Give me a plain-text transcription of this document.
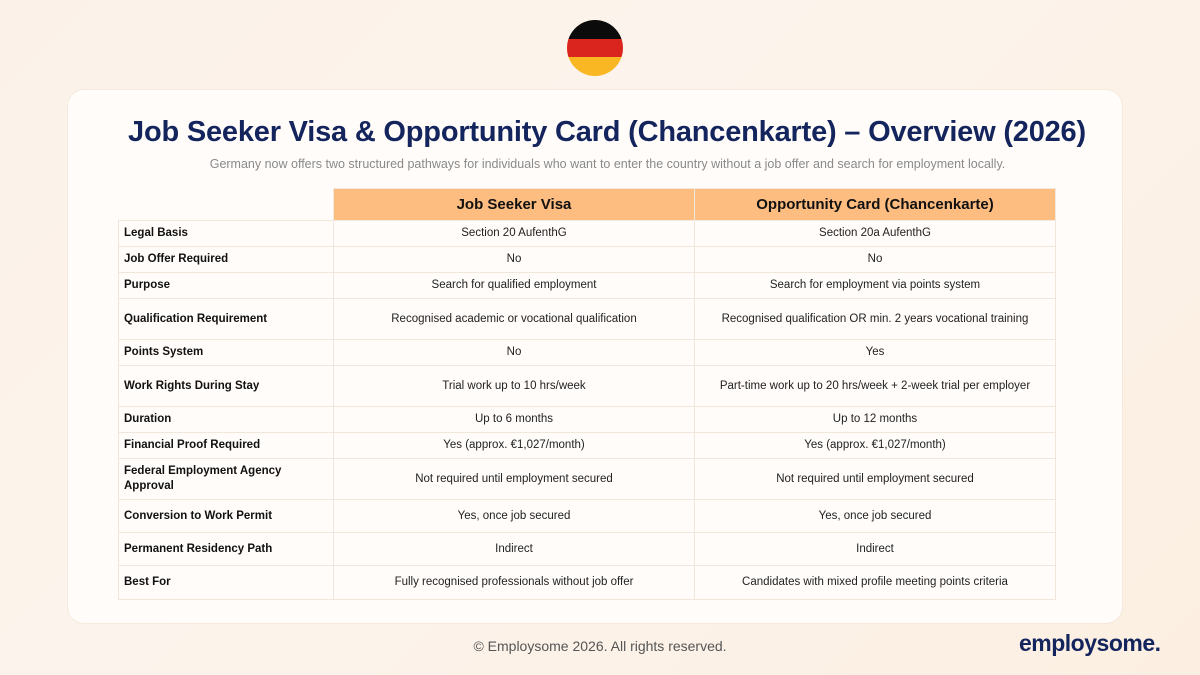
Job Seeker Visa & Opportunity Card (Chancenkarte) – Overview (2026)
Germany now offers two structured pathways for individuals who want to enter the country without a job offer and search for employment locally.
	Job Seeker Visa	Opportunity Card (Chancenkarte)
Legal Basis	Section 20 AufenthG	Section 20a AufenthG
Job Offer Required	No	No
Purpose	Search for qualified employment	Search for employment via points system
Qualification Requirement	Recognised academic or vocational qualification	Recognised qualification OR min. 2 years vocational training
Points System	No	Yes
Work Rights During Stay	Trial work up to 10 hrs/week	Part-time work up to 20 hrs/week + 2-week trial per employer
Duration	Up to 6 months	Up to 12 months
Financial Proof Required	Yes (approx. €1,027/month)	Yes (approx. €1,027/month)
Federal Employment Agency Approval	Not required until employment secured	Not required until employment secured
Conversion to Work Permit	Yes, once job secured	Yes, once job secured
Permanent Residency Path	Indirect	Indirect
Best For	Fully recognised professionals without job offer	Candidates with mixed profile meeting points criteria
© Employsome 2026. All rights reserved.	employsome.
